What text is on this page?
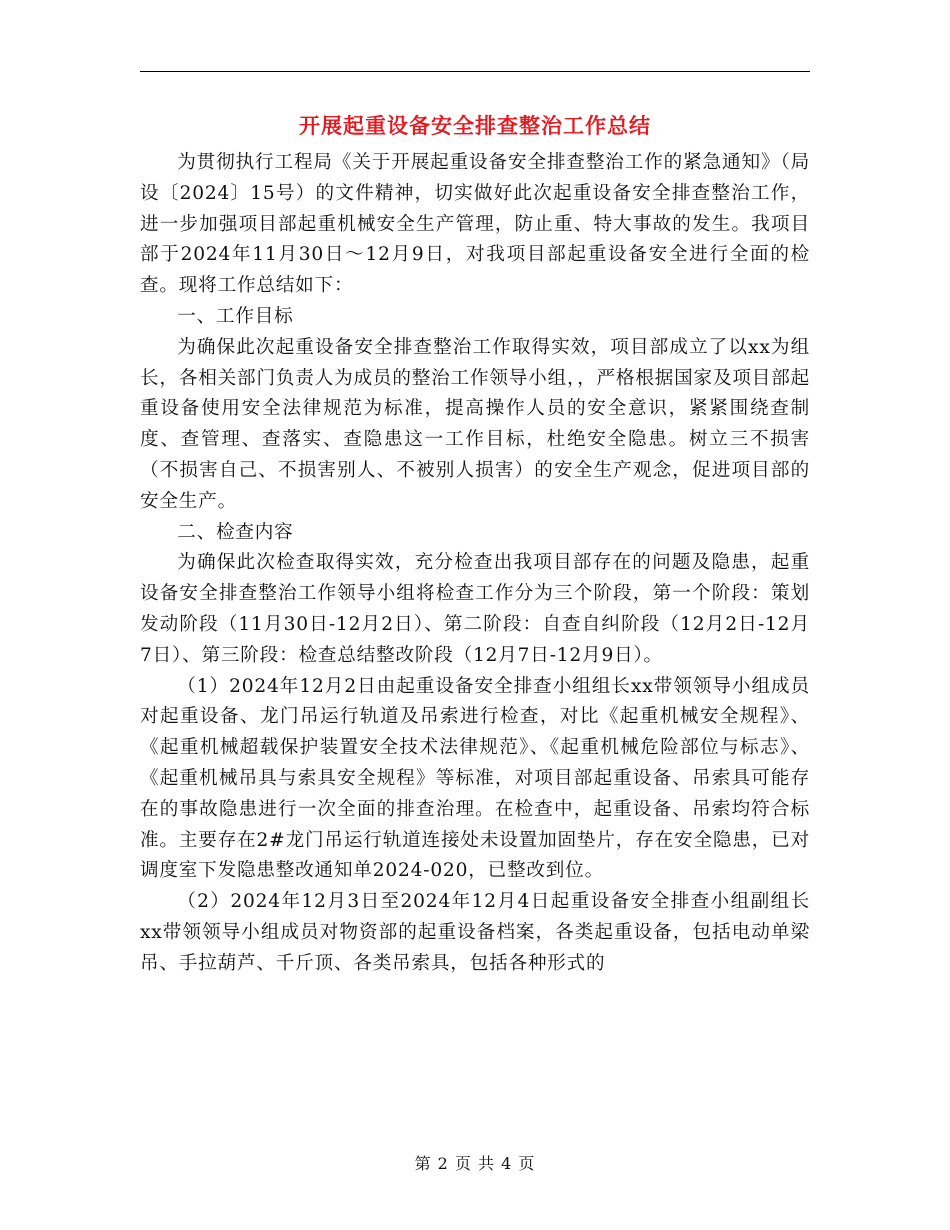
开展起重设备安全排查整治工作总结

为贯彻执行工程局《关于开展起重设备安全排查整治工作的紧急通知》（局设〔2024〕15号）的文件精神，切实做好此次起重设备安全排查整治工作，进一步加强项目部起重机械安全生产管理，防止重、特大事故的发生。我项目部于2024年11月30日～12月9日，对我项目部起重设备安全进行全面的检查。现将工作总结如下：

一、工作目标

为确保此次起重设备安全排查整治工作取得实效，项目部成立了以xx为组长，各相关部门负责人为成员的整治工作领导小组，，严格根据国家及项目部起重设备使用安全法律规范为标准，提高操作人员的安全意识，紧紧围绕查制度、查管理、查落实、查隐患这一工作目标，杜绝安全隐患。树立三不损害（不损害自己、不损害别人、不被别人损害）的安全生产观念，促进项目部的安全生产。

二、检查内容

为确保此次检查取得实效，充分检查出我项目部存在的问题及隐患，起重设备安全排查整治工作领导小组将检查工作分为三个阶段，第一个阶段：策划发动阶段（11月30日-12月2日）、第二阶段：自查自纠阶段（12月2日-12月7日）、第三阶段：检查总结整改阶段（12月7日-12月9日）。

（1）2024年12月2日由起重设备安全排查小组组长xx带领领导小组成员对起重设备、龙门吊运行轨道及吊索进行检查，对比《起重机械安全规程》、《起重机械超载保护装置安全技术法律规范》、《起重机械危险部位与标志》、《起重机械吊具与索具安全规程》等标准，对项目部起重设备、吊索具可能存在的事故隐患进行一次全面的排查治理。在检查中，起重设备、吊索均符合标准。主要存在2#龙门吊运行轨道连接处未设置加固垫片，存在安全隐患，已对调度室下发隐患整改通知单2024-020，已整改到位。

（2）2024年12月3日至2024年12月4日起重设备安全排查小组副组长xx带领领导小组成员对物资部的起重设备档案，各类起重设备，包括电动单梁吊、手拉葫芦、千斤顶、各类吊索具，包括各种形式的

第 2 页 共 4 页
